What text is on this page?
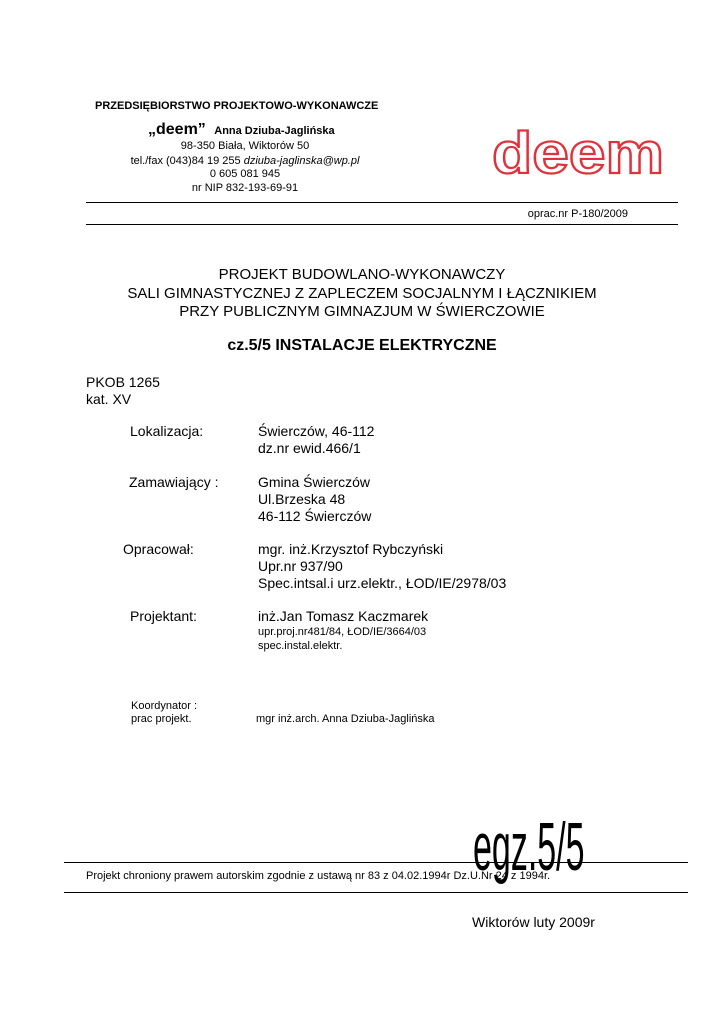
PRZEDSIĘBIORSTWO PROJEKTOWO-WYKONAWCZE
„deem” Anna Dziuba-Jaglińska
98-350 Biała, Wiktorów 50
tel./fax (043)84 19 255 dziuba-jaglinska@wp.pl
0 605 081 945
nr NIP 832-193-69-91
deem
oprac.nr P-180/2009
PROJEKT BUDOWLANO-WYKONAWCZY
SALI GIMNASTYCZNEJ Z ZAPLECZEM SOCJALNYM I ŁĄCZNIKIEM
PRZY PUBLICZNYM GIMNAZJUM W ŚWIERCZOWIE
cz.5/5 INSTALACJE ELEKTRYCZNE
PKOB 1265
kat. XV
Lokalizacja:	Świerczów, 46-112
dz.nr ewid.466/1
Zamawiający :	Gmina Świerczów
Ul.Brzeska 48
46-112 Świerczów
Opracował:	mgr. inż.Krzysztof Rybczyński
Upr.nr 937/90
Spec.intsal.i urz.elektr., ŁOD/IE/2978/03
Projektant:	inż.Jan Tomasz Kaczmarek
upr.proj.nr481/84, ŁOD/IE/3664/03
spec.instal.elektr.
Koordynator :
prac projekt.	mgr inż.arch. Anna Dziuba-Jaglińska
egz.5/5
Projekt chroniony prawem autorskim zgodnie z ustawą nr 83 z 04.02.1994r Dz.U.Nr 24 z 1994r.
Wiktorów luty 2009r
